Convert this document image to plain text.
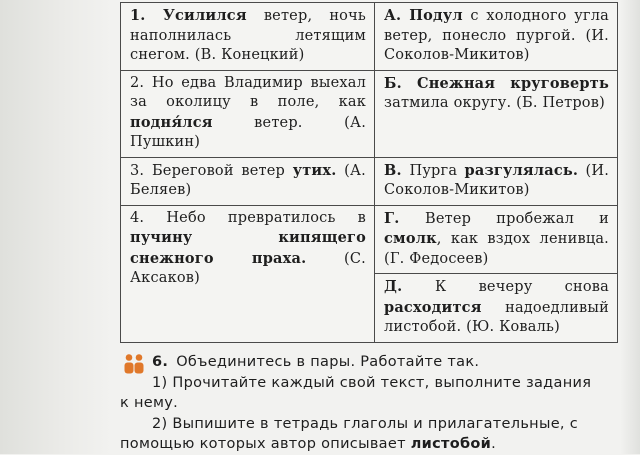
1. Усилился ветер, ночь наполнилась летящим снегом. (В. Конецкий)	А. Подул с холодного угла ветер, понесло пургой. (И. Соколов-Микитов)
2. Но едва Владимир выехал за околицу в поле, как подня́лся ветер. (А. Пушкин)	Б. Снежная круговерть затмила округу. (Б. Петров)
3. Береговой ветер утих. (А. Беляев)	В. Пурга разгулялась. (И. Соколов-Микитов)
4. Небо превратилось в пучину кипящего снежного праха. (С. Аксаков)	Г. Ветер пробежал и смолк, как вздох ленивца. (Г. Федосеев)
	Д. К вечеру снова расходится надоедливый листобой. (Ю. Коваль)
6. Объединитесь в пары. Работайте так.
1) Прочитайте каждый свой текст, выполните задания
к нему.
2) Выпишите в тетрадь глаголы и прилагательные, с
помощью которых автор описывает листобой.
